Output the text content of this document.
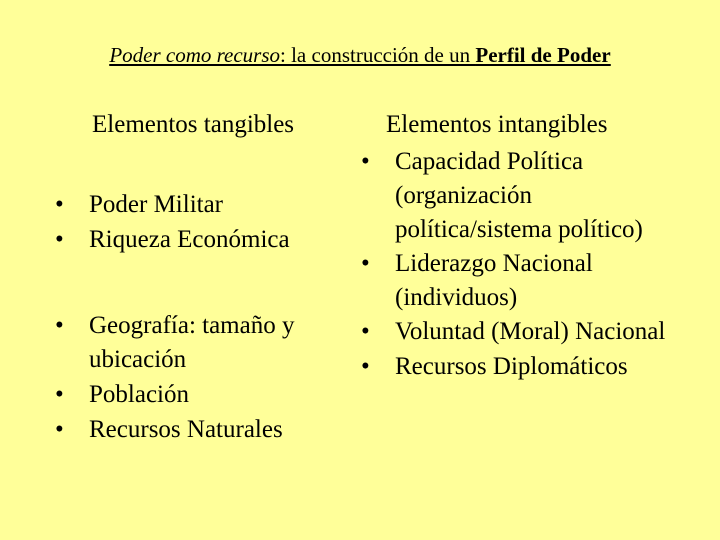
Poder como recurso: la construcción de un Perfil de Poder
Elementos tangibles	Elementos intangibles
• Poder Militar
• Riqueza Económica
• Geografía: tamaño y ubicación
• Población
• Recursos Naturales
• Capacidad Política (organización política/sistema político)
• Liderazgo Nacional (individuos)
• Voluntad (Moral) Nacional
• Recursos Diplomáticos
